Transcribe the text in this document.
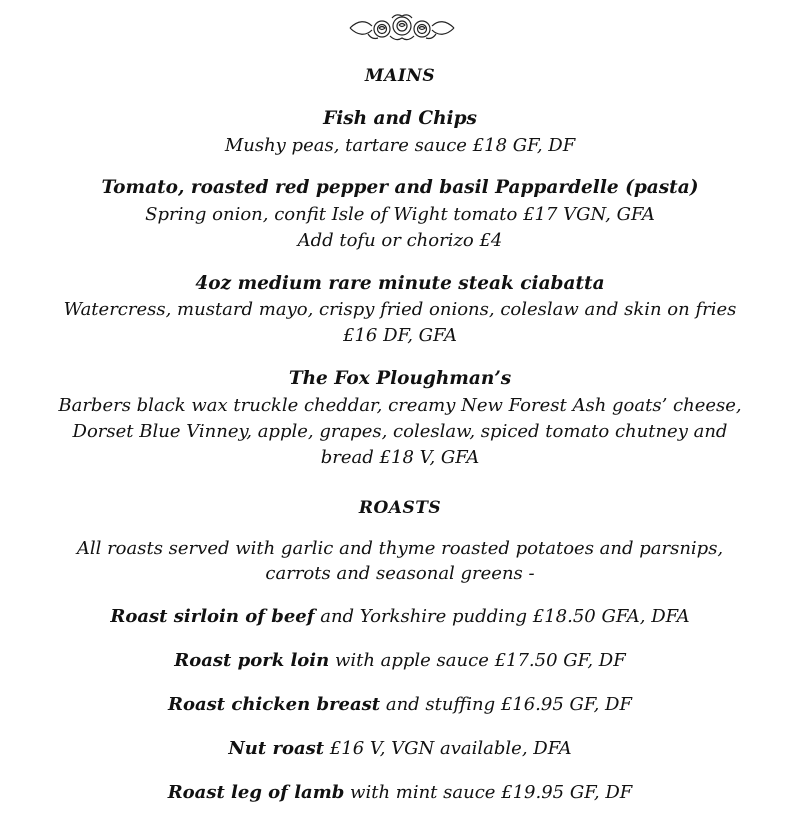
MAINS
Fish and Chips
Mushy peas, tartare sauce £18 GF, DF
Tomato, roasted red pepper and basil Pappardelle (pasta)
Spring onion, confit Isle of Wight tomato £17 VGN, GFA
Add tofu or chorizo £4
4oz medium rare minute steak ciabatta
Watercress, mustard mayo, crispy fried onions, coleslaw and skin on fries
£16 DF, GFA
The Fox Ploughman’s
Barbers black wax truckle cheddar, creamy New Forest Ash goats’ cheese,
Dorset Blue Vinney, apple, grapes, coleslaw, spiced tomato chutney and
bread £18 V, GFA
ROASTS
All roasts served with garlic and thyme roasted potatoes and parsnips,
carrots and seasonal greens -
Roast sirloin of beef and Yorkshire pudding £18.50 GFA, DFA
Roast pork loin with apple sauce £17.50 GF, DF
Roast chicken breast and stuffing £16.95 GF, DF
Nut roast £16 V, VGN available, DFA
Roast leg of lamb with mint sauce £19.95 GF, DF
